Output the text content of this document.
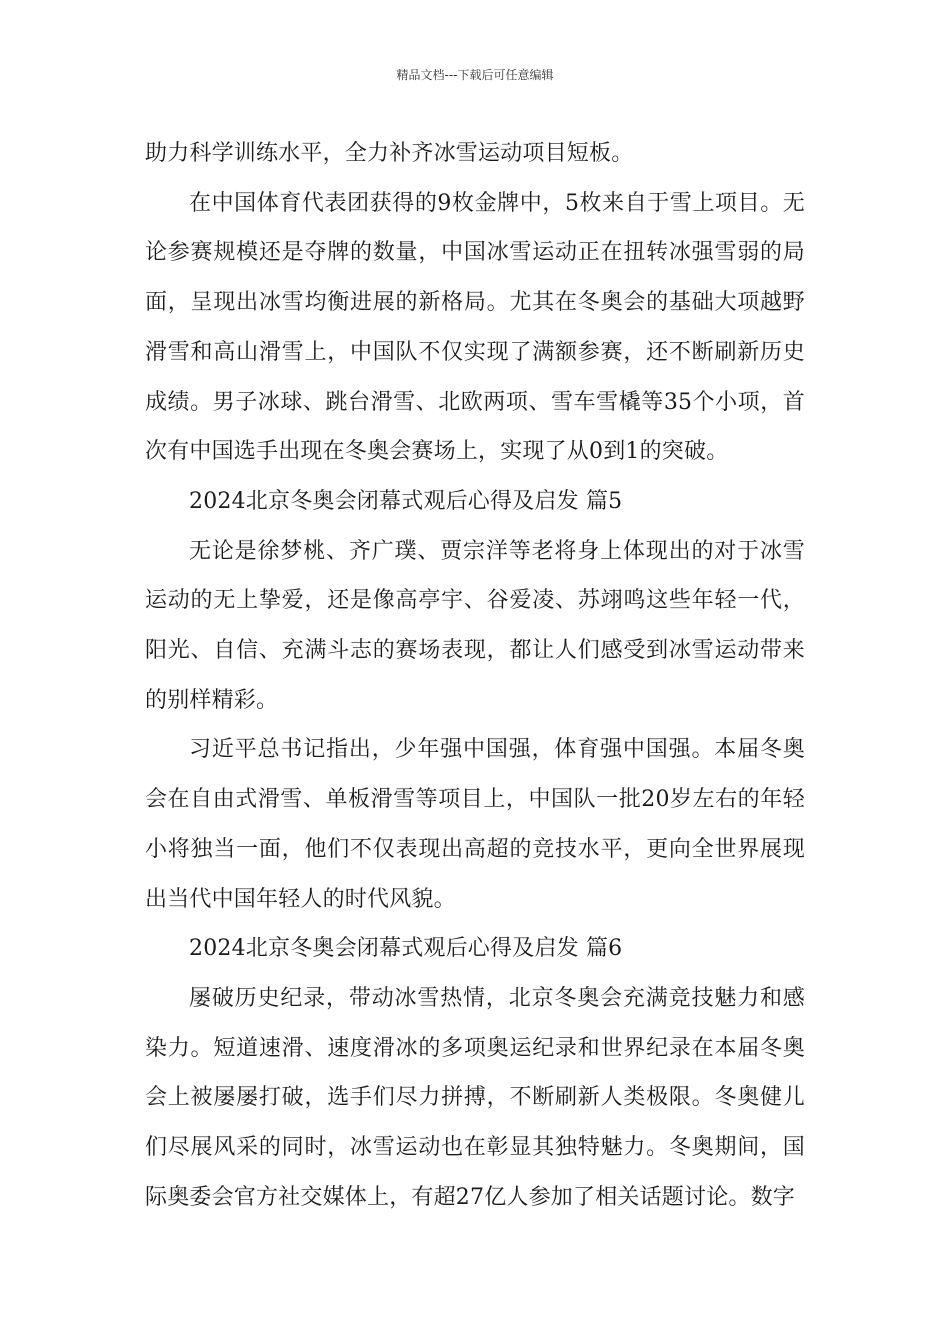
精品文档---下载后可任意编辑

助力科学训练水平，全力补齐冰雪运动项目短板。

在中国体育代表团获得的9枚金牌中，5枚来自于雪上项目。无论参赛规模还是夺牌的数量，中国冰雪运动正在扭转冰强雪弱的局面，呈现出冰雪均衡进展的新格局。尤其在冬奥会的基础大项越野滑雪和高山滑雪上，中国队不仅实现了满额参赛，还不断刷新历史成绩。男子冰球、跳台滑雪、北欧两项、雪车雪橇等35个小项，首次有中国选手出现在冬奥会赛场上，实现了从0到1的突破。

2024北京冬奥会闭幕式观后心得及启发 篇5

无论是徐梦桃、齐广璞、贾宗洋等老将身上体现出的对于冰雪运动的无上挚爱，还是像高亭宇、谷爱凌、苏翊鸣这些年轻一代，阳光、自信、充满斗志的赛场表现，都让人们感受到冰雪运动带来的别样精彩。

习近平总书记指出，少年强中国强，体育强中国强。本届冬奥会在自由式滑雪、单板滑雪等项目上，中国队一批20岁左右的年轻小将独当一面，他们不仅表现出高超的竞技水平，更向全世界展现出当代中国年轻人的时代风貌。

2024北京冬奥会闭幕式观后心得及启发 篇6

屡破历史纪录，带动冰雪热情，北京冬奥会充满竞技魅力和感染力。短道速滑、速度滑冰的多项奥运纪录和世界纪录在本届冬奥会上被屡屡打破，选手们尽力拼搏，不断刷新人类极限。冬奥健儿们尽展风采的同时，冰雪运动也在彰显其独特魅力。冬奥期间，国际奥委会官方社交媒体上，有超27亿人参加了相关话题讨论。数字
